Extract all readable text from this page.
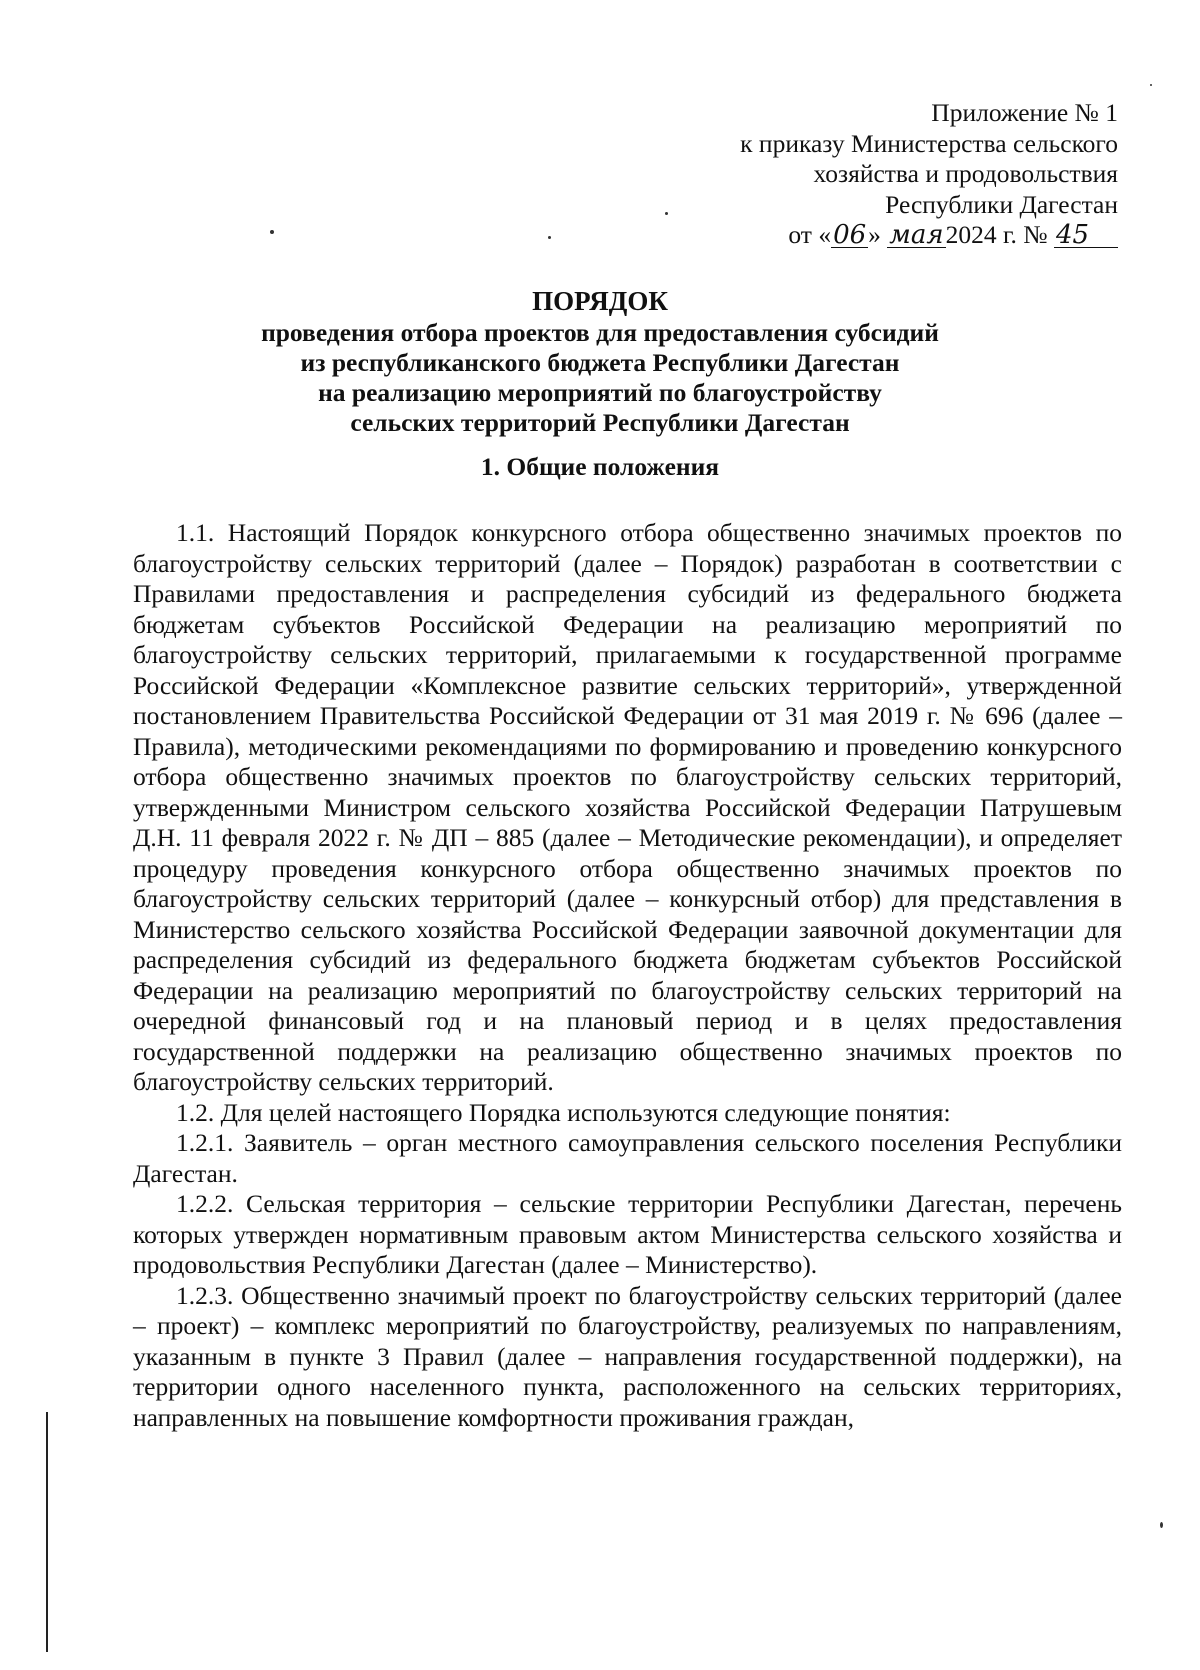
Приложение № 1
к приказу Министерства сельского
хозяйства и продовольствия
Республики Дагестан
от «06» мая2024 г. № 45
ПОРЯДОК
проведения отбора проектов для предоставления субсидий
из республиканского бюджета Республики Дагестан
на реализацию мероприятий по благоустройству
сельских территорий Республики Дагестан
1. Общие положения

1.1. Настоящий Порядок конкурсного отбора общественно значимых проектов по благоустройству сельских территорий (далее – Порядок) разработан в соответствии с Правилами предоставления и распределения субсидий из федерального бюджета бюджетам субъектов Российской Федерации на реализацию мероприятий по благоустройству сельских территорий, прилагаемыми к государственной программе Российской Федерации «Комплексное развитие сельских территорий», утвержденной постановлением Правительства Российской Федерации от 31 мая 2019 г. № 696 (далее – Правила), методическими рекомендациями по формированию и проведению конкурсного отбора общественно значимых проектов по благоустройству сельских территорий, утвержденными Министром сельского хозяйства Российской Федерации Патрушевым Д.Н. 11 февраля 2022 г. № ДП – 885 (далее – Методические рекомендации), и определяет процедуру проведения конкурсного отбора общественно значимых проектов по благоустройству сельских территорий (далее – конкурсный отбор) для представления в Министерство сельского хозяйства Российской Федерации заявочной документации для распределения субсидий из федерального бюджета бюджетам субъектов Российской Федерации на реализацию мероприятий по благоустройству сельских территорий на очередной финансовый год и на плановый период и в целях предоставления государственной поддержки на реализацию общественно значимых проектов по благоустройству сельских территорий.

1.2. Для целей настоящего Порядка используются следующие понятия:

1.2.1. Заявитель – орган местного самоуправления сельского поселения Республики Дагестан.

1.2.2. Сельская территория – сельские территории Республики Дагестан, перечень которых утвержден нормативным правовым актом Министерства сельского хозяйства и продовольствия Республики Дагестан (далее – Министерство).

1.2.3. Общественно значимый проект по благоустройству сельских территорий (далее – проект) – комплекс мероприятий по благоустройству, реализуемых по направлениям, указанным в пункте 3 Правил (далее – направления государственной поддержки), на территории одного населенного пункта, расположенного на сельских территориях, направленных на повышение комфортности проживания граждан,
